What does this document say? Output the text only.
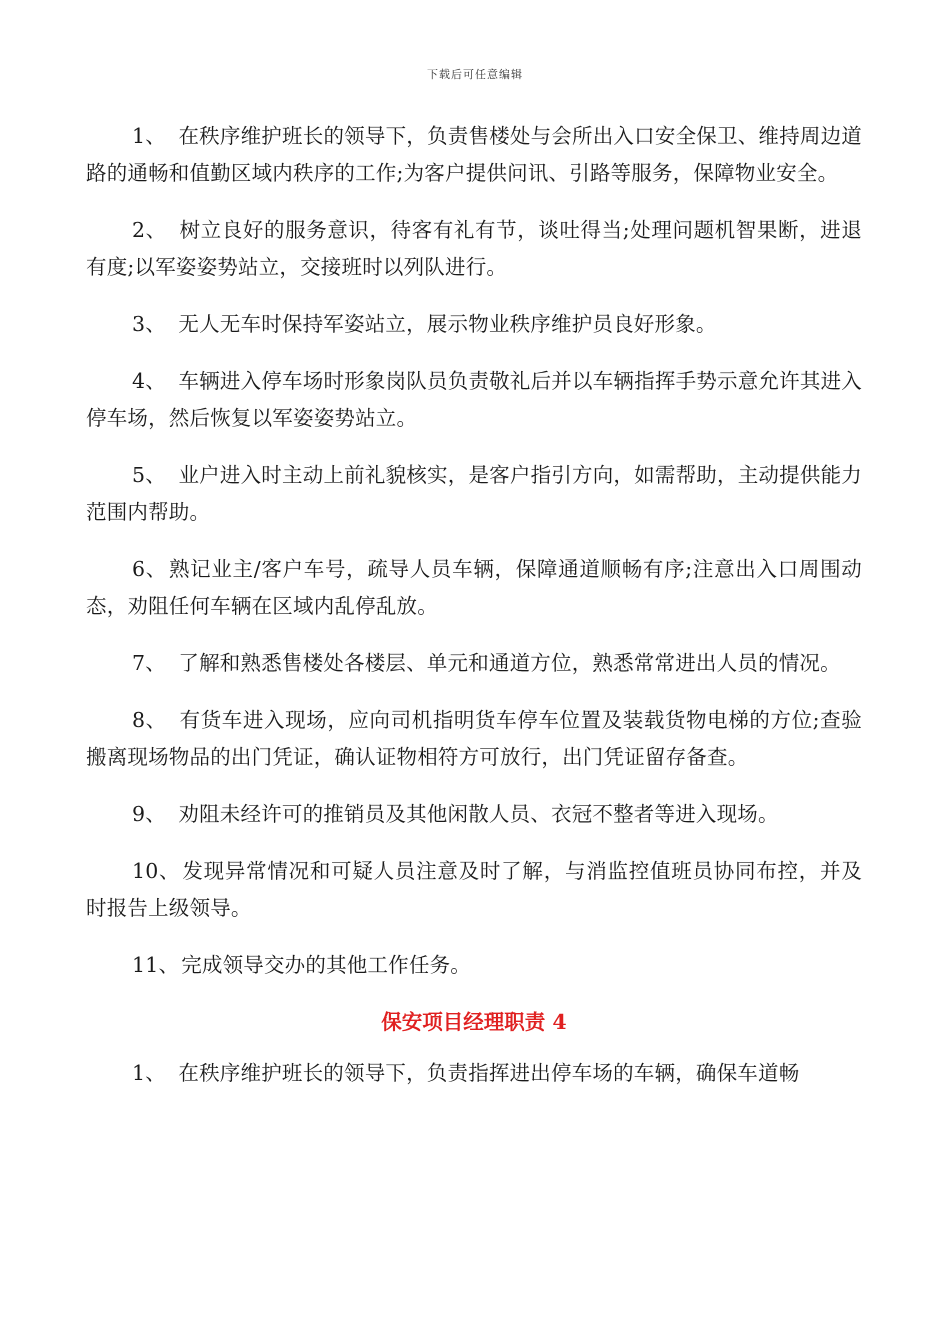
下载后可任意编辑

1、　在秩序维护班长的领导下，负责售楼处与会所出入口安全保卫、维持周边道路的通畅和值勤区域内秩序的工作;为客户提供问讯、引路等服务，保障物业安全。

2、　树立良好的服务意识，待客有礼有节，谈吐得当;处理问题机智果断，进退有度;以军姿姿势站立，交接班时以列队进行。

3、　无人无车时保持军姿站立，展示物业秩序维护员良好形象。

4、　车辆进入停车场时形象岗队员负责敬礼后并以车辆指挥手势示意允许其进入停车场，然后恢复以军姿姿势站立。

5、　业户进入时主动上前礼貌核实，是客户指引方向，如需帮助，主动提供能力范围内帮助。

6、熟记业主/客户车号，疏导人员车辆，保障通道顺畅有序;注意出入口周围动态，劝阻任何车辆在区域内乱停乱放。

7、　了解和熟悉售楼处各楼层、单元和通道方位，熟悉常常进出人员的情况。

8、　有货车进入现场，应向司机指明货车停车位置及装载货物电梯的方位;查验搬离现场物品的出门凭证，确认证物相符方可放行，出门凭证留存备查。

9、　劝阻未经许可的推销员及其他闲散人员、衣冠不整者等进入现场。

10、发现异常情况和可疑人员注意及时了解，与消监控值班员协同布控，并及时报告上级领导。

11、完成领导交办的其他工作任务。

保安项目经理职责 4

1、　在秩序维护班长的领导下，负责指挥进出停车场的车辆，确保车道畅
